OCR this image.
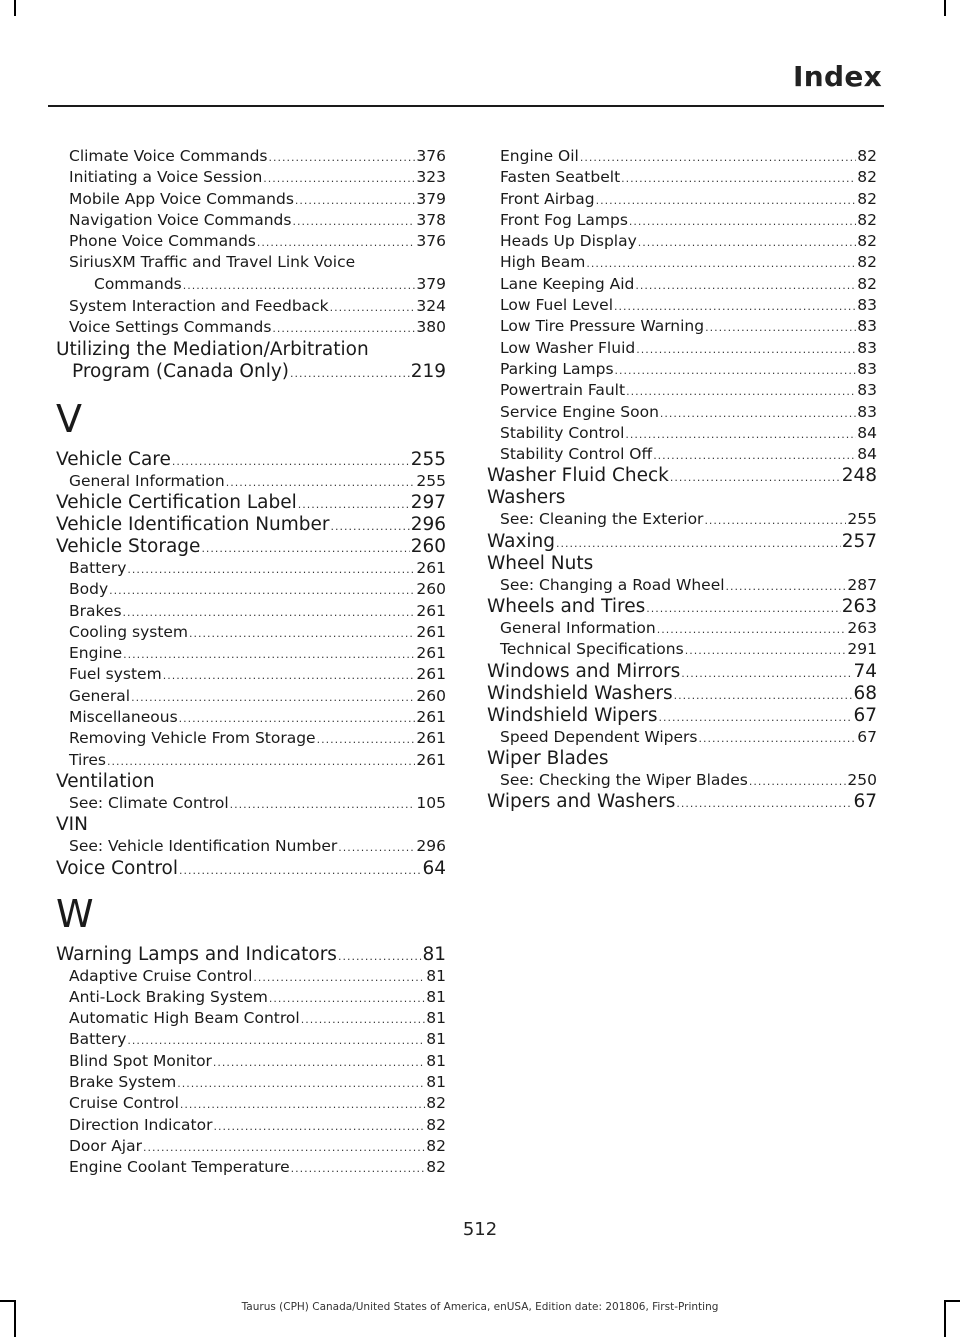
Index
Climate Voice Commands .....	376
Initiating a Voice Session .....	323
Mobile App Voice Commands .....	379
Navigation Voice Commands .....	378
Phone Voice Commands .....	376
SiriusXM Traffic and Travel Link Voice
Commands .....	379
System Interaction and Feedback .....	324
Voice Settings Commands .....	380
Utilizing the Mediation/Arbitration
Program (Canada Only) .....	219
V
Vehicle Care .....	255
General Information .....	255
Vehicle Certification Label .....	297
Vehicle Identification Number .....	296
Vehicle Storage .....	260
Battery .....	261
Body .....	260
Brakes .....	261
Cooling system .....	261
Engine .....	261
Fuel system .....	261
General .....	260
Miscellaneous .....	261
Removing Vehicle From Storage .....	261
Tires .....	261
Ventilation
See: Climate Control .....	105
VIN
See: Vehicle Identification Number .....	296
Voice Control .....	64
W
Warning Lamps and Indicators .....	81
Adaptive Cruise Control .....	81
Anti-Lock Braking System .....	81
Automatic High Beam Control .....	81
Battery .....	81
Blind Spot Monitor .....	81
Brake System .....	81
Cruise Control .....	82
Direction Indicator .....	82
Door Ajar .....	82
Engine Coolant Temperature .....	82
Engine Oil .....	82
Fasten Seatbelt .....	82
Front Airbag .....	82
Front Fog Lamps .....	82
Heads Up Display .....	82
High Beam .....	82
Lane Keeping Aid .....	82
Low Fuel Level .....	83
Low Tire Pressure Warning .....	83
Low Washer Fluid .....	83
Parking Lamps .....	83
Powertrain Fault .....	83
Service Engine Soon .....	83
Stability Control .....	84
Stability Control Off .....	84
Washer Fluid Check .....	248
Washers
See: Cleaning the Exterior .....	255
Waxing .....	257
Wheel Nuts
See: Changing a Road Wheel .....	287
Wheels and Tires .....	263
General Information .....	263
Technical Specifications .....	291
Windows and Mirrors .....	74
Windshield Washers .....	68
Windshield Wipers .....	67
Speed Dependent Wipers .....	67
Wiper Blades
See: Checking the Wiper Blades .....	250
Wipers and Washers .....	67
512
Taurus (CPH) Canada/United States of America, enUSA, Edition date: 201806, First-Printing
